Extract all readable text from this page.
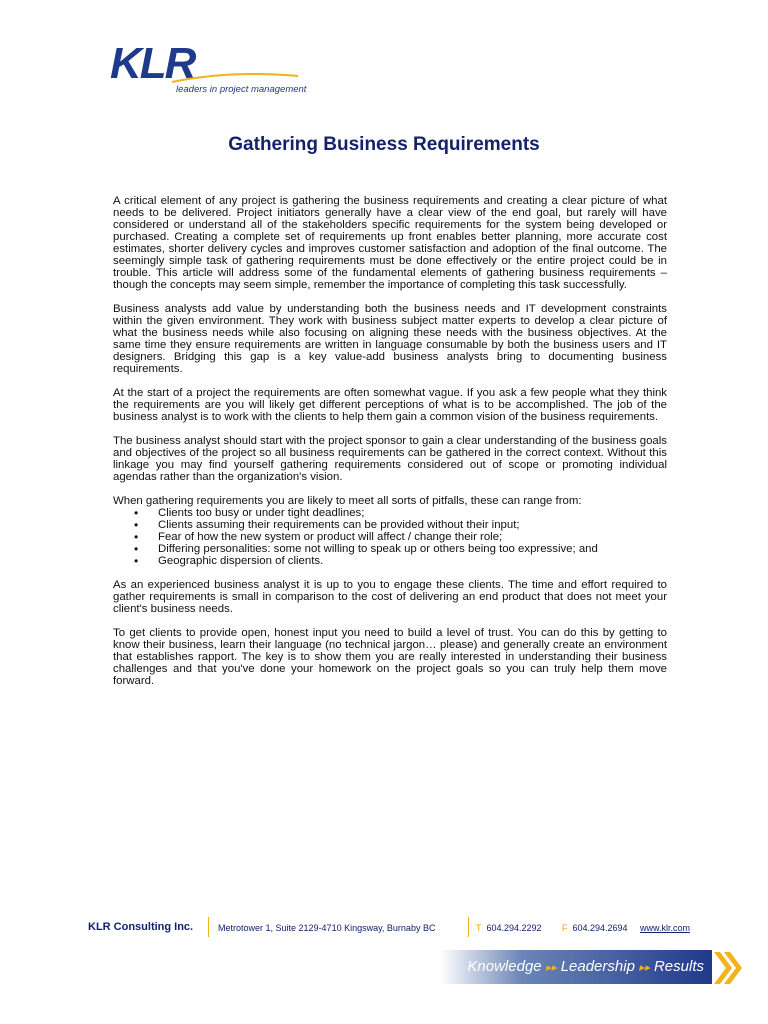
KLR
leaders in project management
Gathering Business Requirements

A critical element of any project is gathering the business requirements and creating a clear picture of what needs to be delivered. Project initiators generally have a clear view of the end goal, but rarely will have considered or understand all of the stakeholders specific requirements for the system being developed or purchased. Creating a complete set of requirements up front enables better planning, more accurate cost estimates, shorter delivery cycles and improves customer satisfaction and adoption of the final outcome. The seemingly simple task of gathering requirements must be done effectively or the entire project could be in trouble. This article will address some of the fundamental elements of gathering business requirements – though the concepts may seem simple, remember the importance of completing this task successfully.

Business analysts add value by understanding both the business needs and IT development constraints within the given environment. They work with business subject matter experts to develop a clear picture of what the business needs while also focusing on aligning these needs with the business objectives. At the same time they ensure requirements are written in language consumable by both the business users and IT designers. Bridging this gap is a key value-add business analysts bring to documenting business requirements.

At the start of a project the requirements are often somewhat vague. If you ask a few people what they think the requirements are you will likely get different perceptions of what is to be accomplished. The job of the business analyst is to work with the clients to help them gain a common vision of the business requirements.

The business analyst should start with the project sponsor to gain a clear understanding of the business goals and objectives of the project so all business requirements can be gathered in the correct context. Without this linkage you may find yourself gathering requirements considered out of scope or promoting individual agendas rather than the organization's vision.

When gathering requirements you are likely to meet all sorts of pitfalls, these can range from:

• Clients too busy or under tight deadlines;
• Clients assuming their requirements can be provided without their input;
• Fear of how the new system or product will affect / change their role;
• Differing personalities: some not willing to speak up or others being too expressive; and
• Geographic dispersion of clients.

As an experienced business analyst it is up to you to engage these clients. The time and effort required to gather requirements is small in comparison to the cost of delivering an end product that does not meet your client's business needs.

To get clients to provide open, honest input you need to build a level of trust. You can do this by getting to know their business, learn their language (no technical jargon… please) and generally create an environment that establishes rapport. The key is to show them you are really interested in understanding their business challenges and that you've done your homework on the project goals so you can truly help them move forward.

KLR Consulting Inc.	Metrotower 1, Suite 2129-4710 Kingsway, Burnaby BC	T 604.294.2292 F 604.294.2694 www.klr.com
Knowledge ▸▸ Leadership ▸▸ Results
